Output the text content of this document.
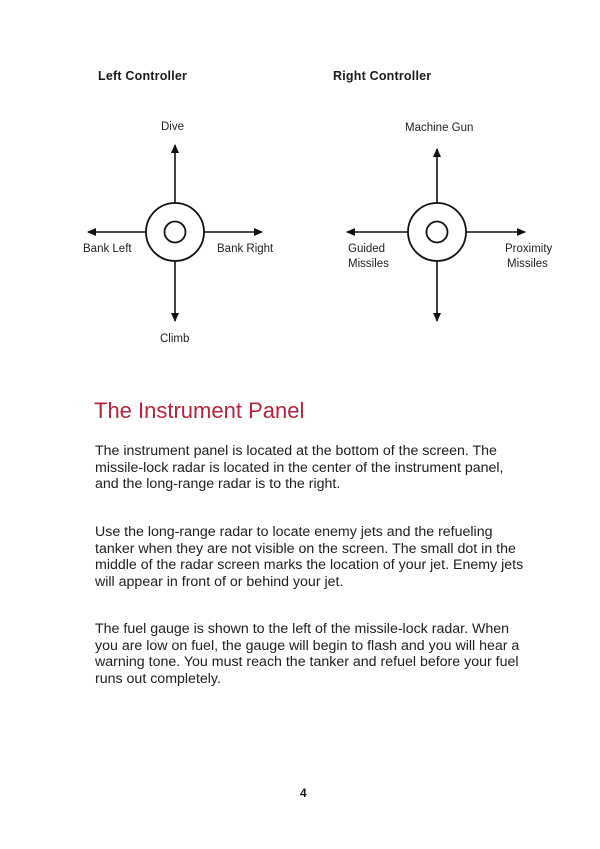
Left Controller
Dive
Climb
Bank Left	Bank Right
Right Controller
Machine Gun
Guided
Missiles
Proximity
Missiles
The Instrument Panel

The instrument panel is located at the bottom of the screen. The missile-lock radar is located in the center of the instrument panel, and the long-range radar is to the right.

Use the long-range radar to locate enemy jets and the refueling tanker when they are not visible on the screen. The small dot in the middle of the radar screen marks the location of your jet. Enemy jets will appear in front of or behind your jet.

The fuel gauge is shown to the left of the missile-lock radar. When you are low on fuel, the gauge will begin to flash and you will hear a warning tone. You must reach the tanker and refuel before your fuel runs out completely.

4
